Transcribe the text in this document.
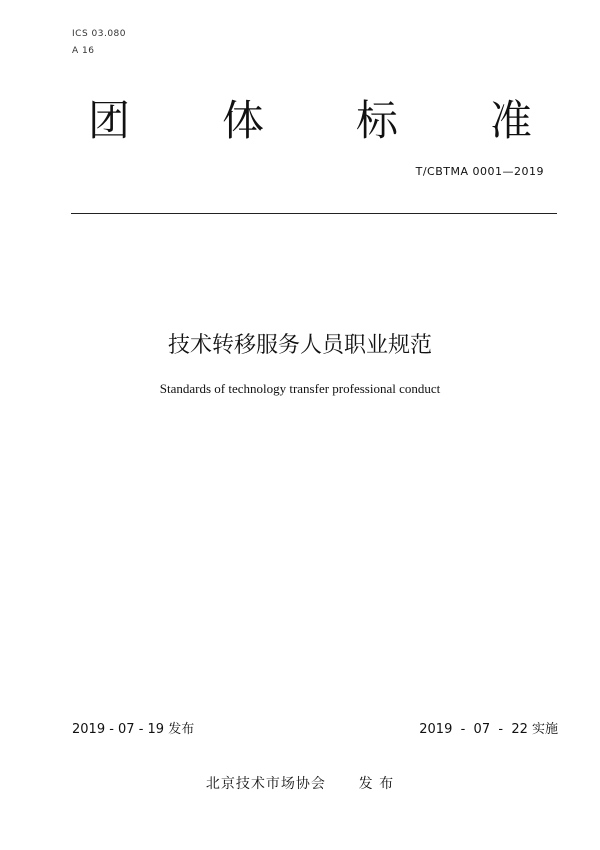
ICS 03.080
A 16
团 体 标 准
T/CBTMA 0001—2019
技术转移服务人员职业规范
Standards of technology transfer professional conduct
2019 - 07 - 19 发布	2019  -  07  -  22 实施
北京技术市场协会      发 布
